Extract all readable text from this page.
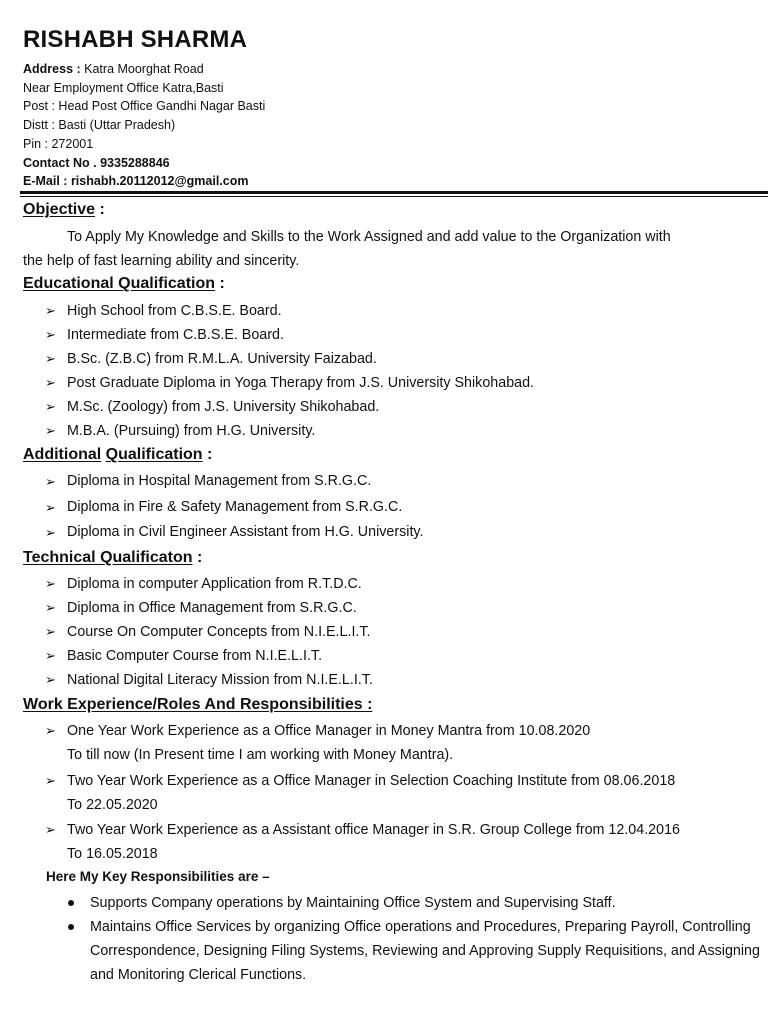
RISHABH SHARMA
Address : Katra Moorghat Road
Near Employment Office Katra,Basti
Post : Head Post Office Gandhi Nagar Basti
Distt : Basti (Uttar Pradesh)
Pin : 272001
Contact No . 9335288846
E-Mail : rishabh.20112012@gmail.com
Objective :
To Apply My Knowledge and Skills to the Work Assigned and add value to the Organization with
the help of fast learning ability and sincerity.
Educational Qualification :
➢ High School from C.B.S.E. Board.
➢ Intermediate from C.B.S.E. Board.
➢ B.Sc. (Z.B.C) from R.M.L.A. University Faizabad.
➢ Post Graduate Diploma in Yoga Therapy from J.S. University Shikohabad.
➢ M.Sc. (Zoology) from J.S. University Shikohabad.
➢ M.B.A. (Pursuing) from H.G. University.
Additional Qualification :
➢ Diploma in Hospital Management from S.R.G.C.
➢ Diploma in Fire & Safety Management from S.R.G.C.
➢ Diploma in Civil Engineer Assistant from H.G. University.
Technical Qualificaton :
➢ Diploma in computer Application from R.T.D.C.
➢ Diploma in Office Management from S.R.G.C.
➢ Course On Computer Concepts from N.I.E.L.I.T.
➢ Basic Computer Course from N.I.E.L.I.T.
➢ National Digital Literacy Mission from N.I.E.L.I.T.
Work Experience/Roles And Responsibilities :
➢ One Year Work Experience as a Office Manager in Money Mantra from 10.08.2020
To till now (In Present time I am working with Money Mantra).
➢ Two Year Work Experience as a Office Manager in Selection Coaching Institute from 08.06.2018
To 22.05.2020
➢ Two Year Work Experience as a Assistant office Manager in S.R. Group College from 12.04.2016
To 16.05.2018
Here My Key Responsibilities are –
Supports Company operations by Maintaining Office System and Supervising Staff.
Maintains Office Services by organizing Office operations and Procedures, Preparing Payroll, Controlling Correspondence, Designing Filing Systems, Reviewing and Approving Supply Requisitions, and Assigning and Monitoring Clerical Functions.
